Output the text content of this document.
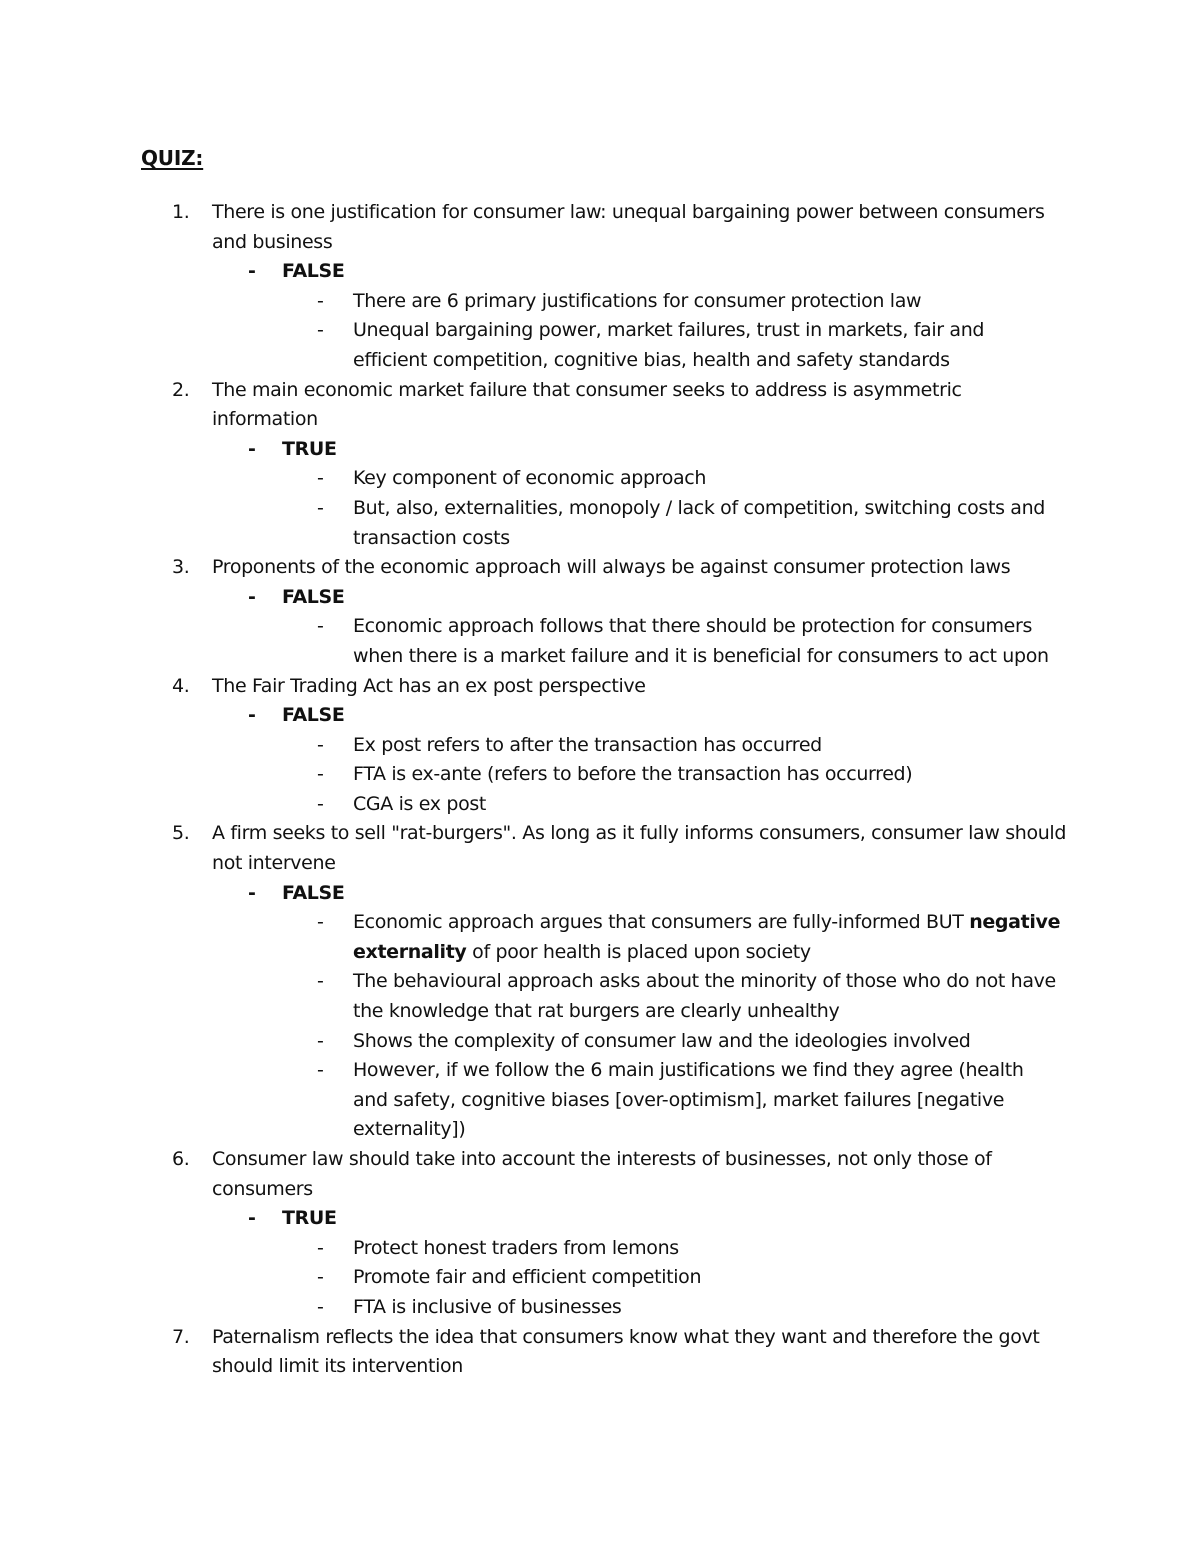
QUIZ:
1. There is one justification for consumer law: unequal bargaining power between consumers and business
- FALSE
- There are 6 primary justifications for consumer protection law
- Unequal bargaining power, market failures, trust in markets, fair and efficient competition, cognitive bias, health and safety standards
2. The main economic market failure that consumer seeks to address is asymmetric information
- TRUE
- Key component of economic approach
- But, also, externalities, monopoly / lack of competition, switching costs and transaction costs
3. Proponents of the economic approach will always be against consumer protection laws
- FALSE
- Economic approach follows that there should be protection for consumers when there is a market failure and it is beneficial for consumers to act upon
4. The Fair Trading Act has an ex post perspective
- FALSE
- Ex post refers to after the transaction has occurred
- FTA is ex-ante (refers to before the transaction has occurred)
- CGA is ex post
5. A firm seeks to sell "rat-burgers". As long as it fully informs consumers, consumer law should not intervene
- FALSE
- Economic approach argues that consumers are fully-informed BUT negative externality of poor health is placed upon society
- The behavioural approach asks about the minority of those who do not have the knowledge that rat burgers are clearly unhealthy
- Shows the complexity of consumer law and the ideologies involved
- However, if we follow the 6 main justifications we find they agree (health and safety, cognitive biases [over-optimism], market failures [negative externality])
6. Consumer law should take into account the interests of businesses, not only those of consumers
- TRUE
- Protect honest traders from lemons
- Promote fair and efficient competition
- FTA is inclusive of businesses
7. Paternalism reflects the idea that consumers know what they want and therefore the govt should limit its intervention
